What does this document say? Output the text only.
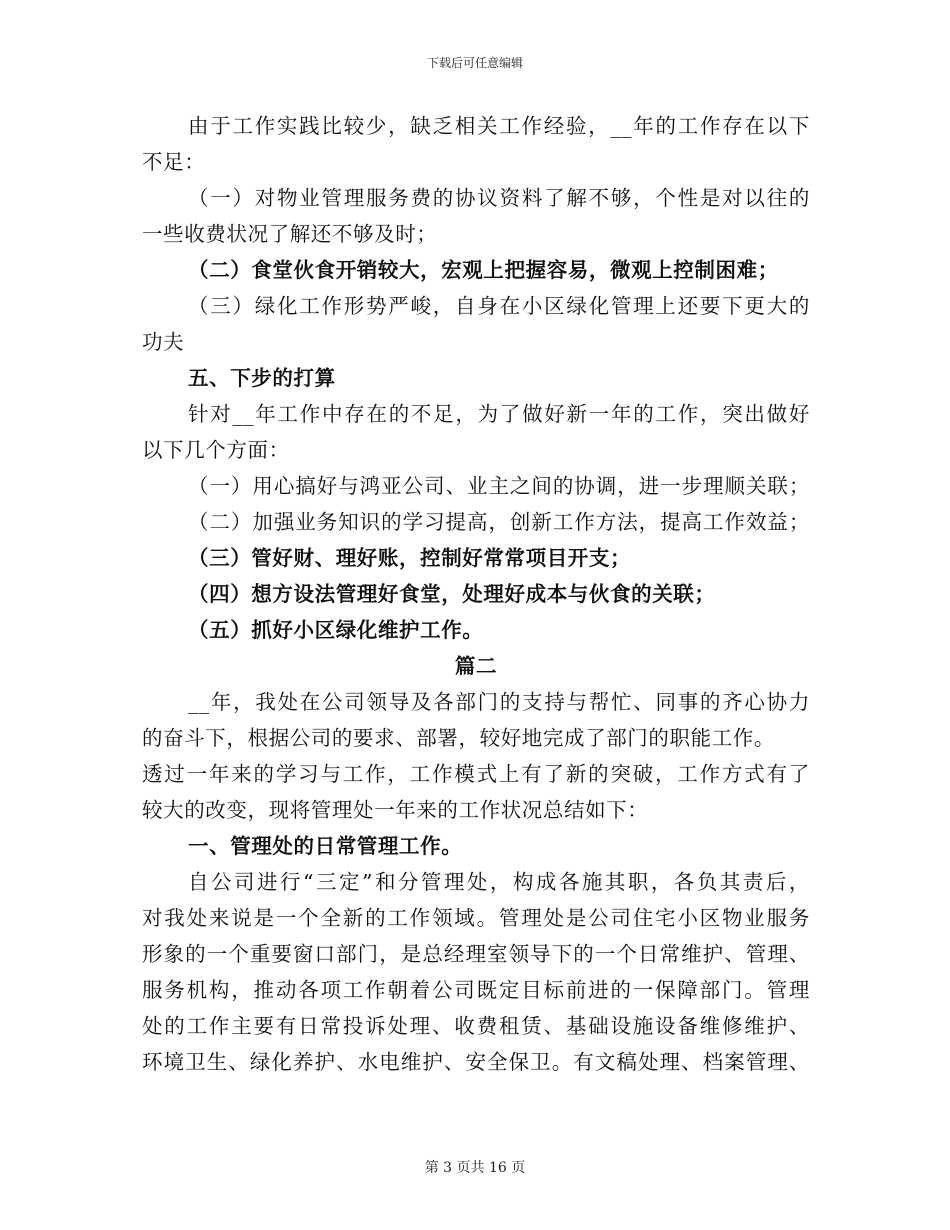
下载后可任意编辑
由于工作实践比较少，缺乏相关工作经验，__年的工作存在以下
不足：
（一）对物业管理服务费的协议资料了解不够，个性是对以往的
一些收费状况了解还不够及时；
（二）食堂伙食开销较大，宏观上把握容易，微观上控制困难；
（三）绿化工作形势严峻，自身在小区绿化管理上还要下更大的
功夫
五、下步的打算
针对__年工作中存在的不足，为了做好新一年的工作，突出做好
以下几个方面：
（一）用心搞好与鸿亚公司、业主之间的协调，进一步理顺关联；
（二）加强业务知识的学习提高，创新工作方法，提高工作效益；
（三）管好财、理好账，控制好常常项目开支；
（四）想方设法管理好食堂，处理好成本与伙食的关联；
（五）抓好小区绿化维护工作。
篇二
__年，我处在公司领导及各部门的支持与帮忙、同事的齐心协力
的奋斗下，根据公司的要求、部署，较好地完成了部门的职能工作。
透过一年来的学习与工作，工作模式上有了新的突破，工作方式有了
较大的改变，现将管理处一年来的工作状况总结如下：
一、管理处的日常管理工作。
自公司进行“三定”和分管理处，构成各施其职，各负其责后，
对我处来说是一个全新的工作领域。管理处是公司住宅小区物业服务
形象的一个重要窗口部门，是总经理室领导下的一个日常维护、管理、
服务机构，推动各项工作朝着公司既定目标前进的一保障部门。管理
处的工作主要有日常投诉处理、收费租赁、基础设施设备维修维护、
环境卫生、绿化养护、水电维护、安全保卫。有文稿处理、档案管理、
第 3 页共 16 页
